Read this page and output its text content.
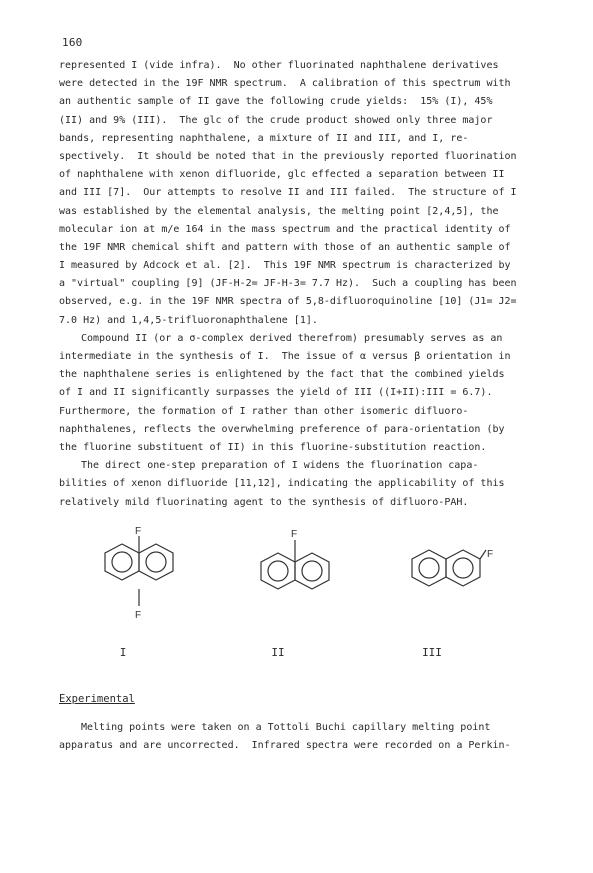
160
represented I (vide infra).  No other fluorinated naphthalene derivatives
were detected in the 19F NMR spectrum.  A calibration of this spectrum with
an authentic sample of II gave the following crude yields:  15% (I), 45%
(II) and 9% (III).  The glc of the crude product showed only three major
bands, representing naphthalene, a mixture of II and III, and I, re-
spectively.  It should be noted that in the previously reported fluorination
of naphthalene with xenon difluoride, glc effected a separation between II
and III [7].  Our attempts to resolve II and III failed.  The structure of I
was established by the elemental analysis, the melting point [2,4,5], the
molecular ion at m/e 164 in the mass spectrum and the practical identity of
the 19F NMR chemical shift and pattern with those of an authentic sample of
I measured by Adcock et al. [2].  This 19F NMR spectrum is characterized by
a "virtual" coupling [9] (JF-H-2= JF-H-3= 7.7 Hz).  Such a coupling has been
observed, e.g. in the 19F NMR spectra of 5,8-difluoroquinoline [10] (J1= J2=
7.0 Hz) and 1,4,5-trifluoronaphthalene [1].
Compound II (or a σ-complex derived therefrom) presumably serves as an
intermediate in the synthesis of I.  The issue of α versus β orientation in
the naphthalene series is enlightened by the fact that the combined yields
of I and II significantly surpasses the yield of III ((I+II):III = 6.7).
Furthermore, the formation of I rather than other isomeric difluoro-
naphthalenes, reflects the overwhelming preference of para-orientation (by
the fluorine substituent of II) in this fluorine-substitution reaction.
The direct one-step preparation of I widens the fluorination capa-
bilities of xenon difluoride [11,12], indicating the applicability of this
relatively mild fluorinating agent to the synthesis of difluoro-PAH.
F
F
F
F
I	II	III
Experimental
Melting points were taken on a Tottoli Buchi capillary melting point
apparatus and are uncorrected.  Infrared spectra were recorded on a Perkin-
